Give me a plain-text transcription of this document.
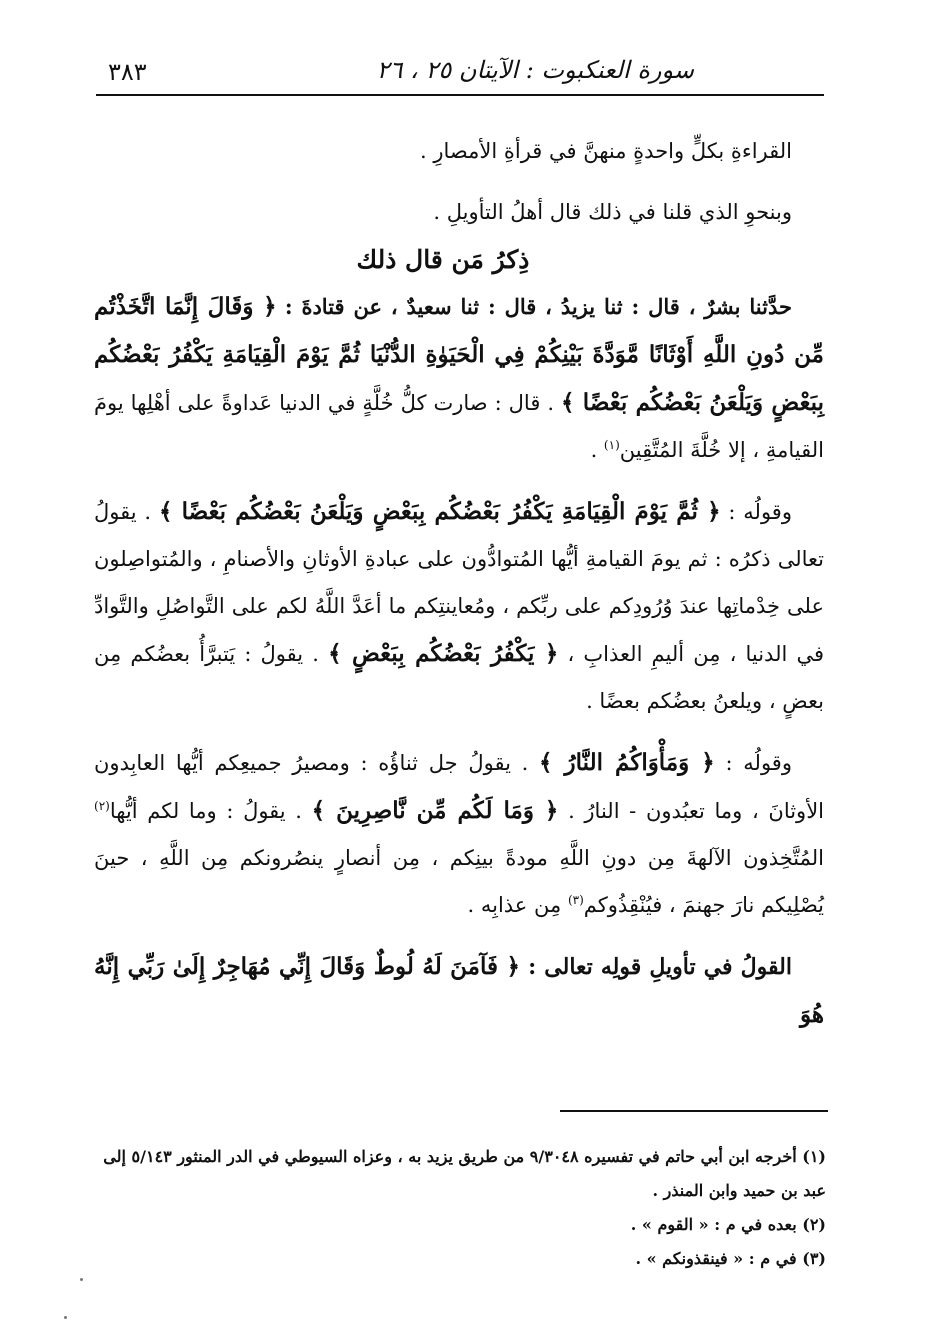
٣٨٣	سورة العنكبوت : الآيتان ٢٥ ، ٢٦

القراءةِ بكلٍّ واحدةٍ منهنَّ في قرأةِ الأمصارِ .

وبنحوِ الذي قلنا في ذلك قال أهلُ التأويلِ .

ذِكرُ مَن قال ذلك

حدَّثنا بشرٌ ، قال : ثنا يزيدُ ، قال : ثنا سعيدٌ ، عن قتادةَ : ﴿ وَقَالَ إِنَّمَا اتَّخَذْتُم مِّن دُونِ اللَّهِ أَوْثَانًا مَّوَدَّةَ بَيْنِكُمْ فِي الْحَيَوٰةِ الدُّنْيَا ثُمَّ يَوْمَ الْقِيَامَةِ يَكْفُرُ بَعْضُكُم بِبَعْضٍ وَيَلْعَنُ بَعْضُكُم بَعْضًا ﴾ . قال : صارت كلُّ خُلَّةٍ في الدنيا عَداوةً على أهْلِها يومَ القيامةِ ، إلا خُلَّةَ المُتَّقِين$^{(١)}$ .

وقولُه : ﴿ ثُمَّ يَوْمَ الْقِيَامَةِ يَكْفُرُ بَعْضُكُم بِبَعْضٍ وَيَلْعَنُ بَعْضُكُم بَعْضًا ﴾ . يقولُ تعالى ذكرُه : ثم يومَ القيامةِ أيُّها المُتوادُّون على عبادةِ الأوثانِ والأصنامِ ، والمُتواصِلون على خِدْماتِها عندَ وُرُودِكم على ربِّكم ، ومُعاينتِكم ما أعَدَّ اللَّهُ لكم على التَّواصُلِ والتَّوادِّ في الدنيا ، مِن أليمِ العذابِ ، ﴿ يَكْفُرُ بَعْضُكُم بِبَعْضٍ ﴾ . يقولُ : يَتبرَّأُ بعضُكم مِن بعضٍ ، ويلعنُ بعضُكم بعضًا .

وقولُه : ﴿ وَمَأْوَاكُمُ النَّارُ ﴾ . يقولُ جل ثناؤُه : ومصيرُ جميعِكم أيُّها العابِدون الأوثانَ ، وما تعبُدون - النارُ . ﴿ وَمَا لَكُم مِّن نَّاصِرِينَ ﴾ . يقولُ : وما لكم أيُّها$^{(٢)}$ المُتَّخِذون الآلهةَ مِن دونِ اللَّهِ مودةً بينِكم ، مِن أنصارٍ ينصُرونكم مِن اللَّهِ ، حينَ يُصْلِيكم نارَ جهنمَ ، فيُنْقِذُوكم$^{(٣)}$ مِن عذابِه .

القولُ في تأويلِ قولِه تعالى : ﴿ فَآمَنَ لَهُ لُوطٌ وَقَالَ إِنِّي مُهَاجِرٌ إِلَىٰ رَبِّي إِنَّهُ هُوَ

(١) أخرجه ابن أبي حاتم في تفسيره ٩/٣٠٤٨ من طريق يزيد به ، وعزاه السيوطي في الدر المنثور ٥/١٤٣ إلى عبد بن حميد وابن المنذر .

(٢) بعده في م : « القوم » .

(٣) في م : « فينقذونكم » .
